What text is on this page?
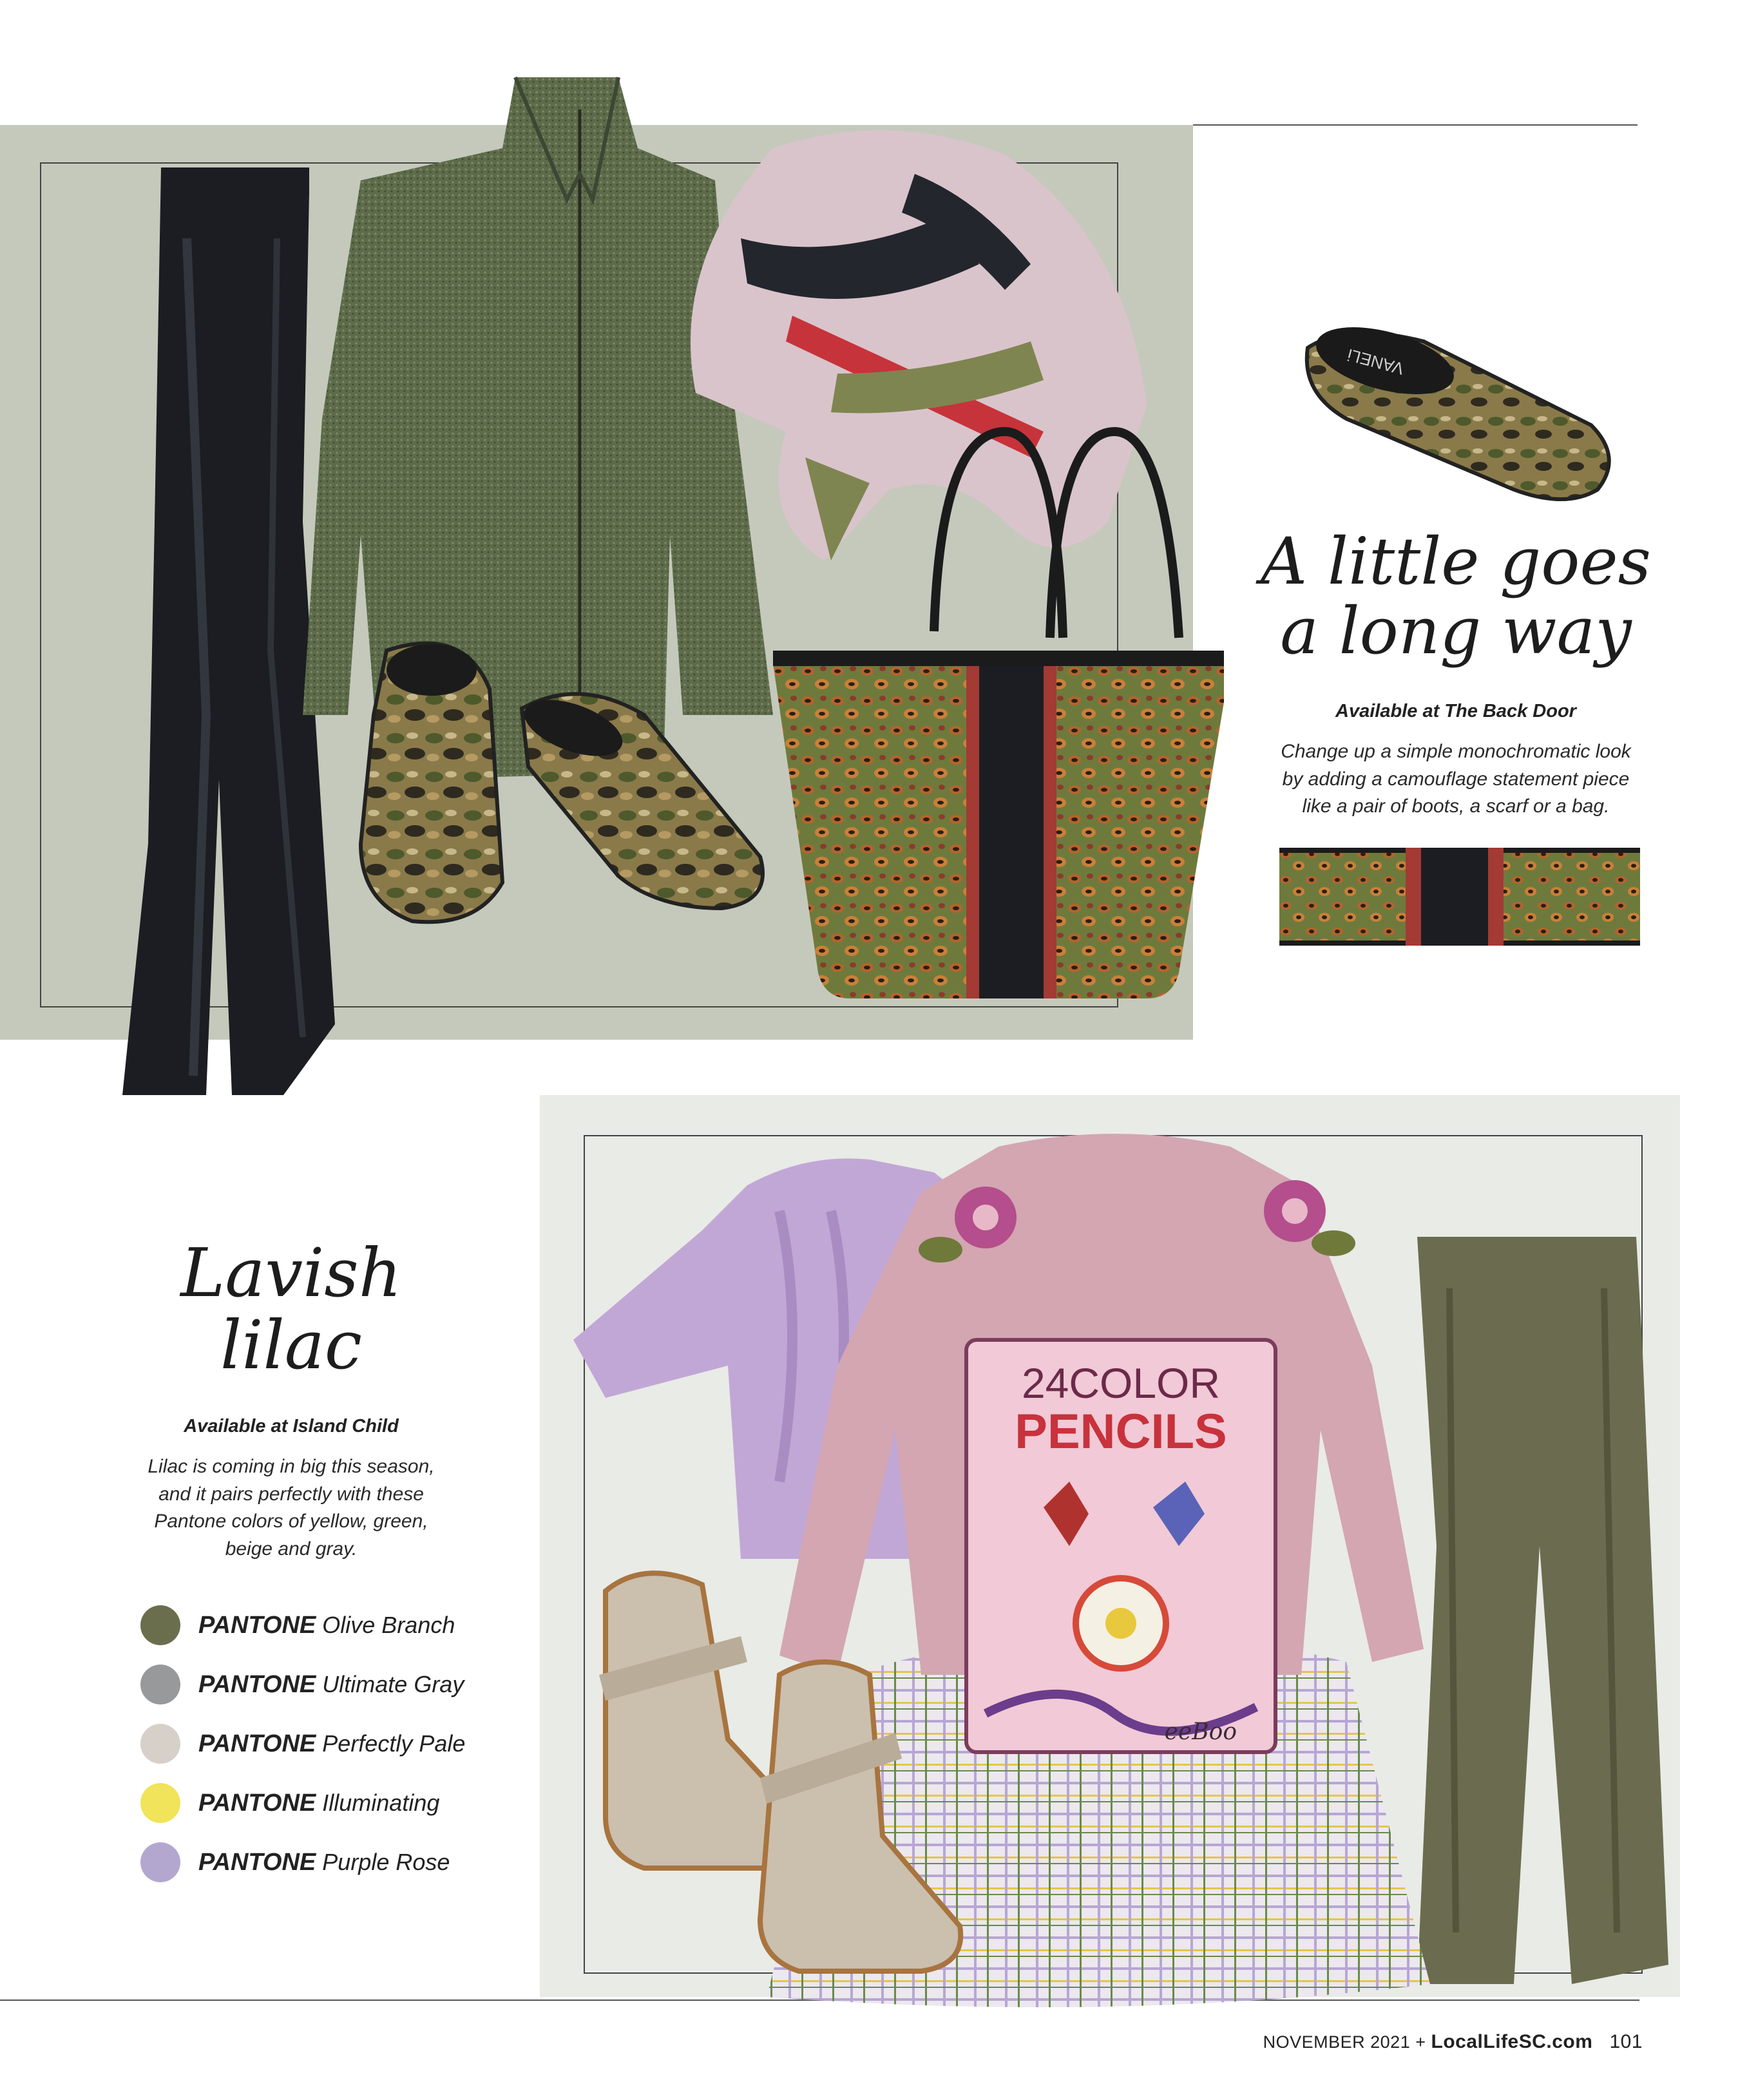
VANELi

A little goes
a long way

Available at The Back Door

Change up a simple monochromatic look
by adding a camouflage statement piece
like a pair of boots, a scarf or a bag.

24COLOR
PENCILS
eeBoo

Lavish
lilac

Available at Island Child

Lilac is coming in big this season,
and it pairs perfectly with these
Pantone colors of yellow, green,
beige and gray.

PANTONE Olive Branch
PANTONE Ultimate Gray
PANTONE Perfectly Pale
PANTONE Illuminating
PANTONE Purple Rose
NOVEMBER 2021 + LocalLifeSC.com 101
